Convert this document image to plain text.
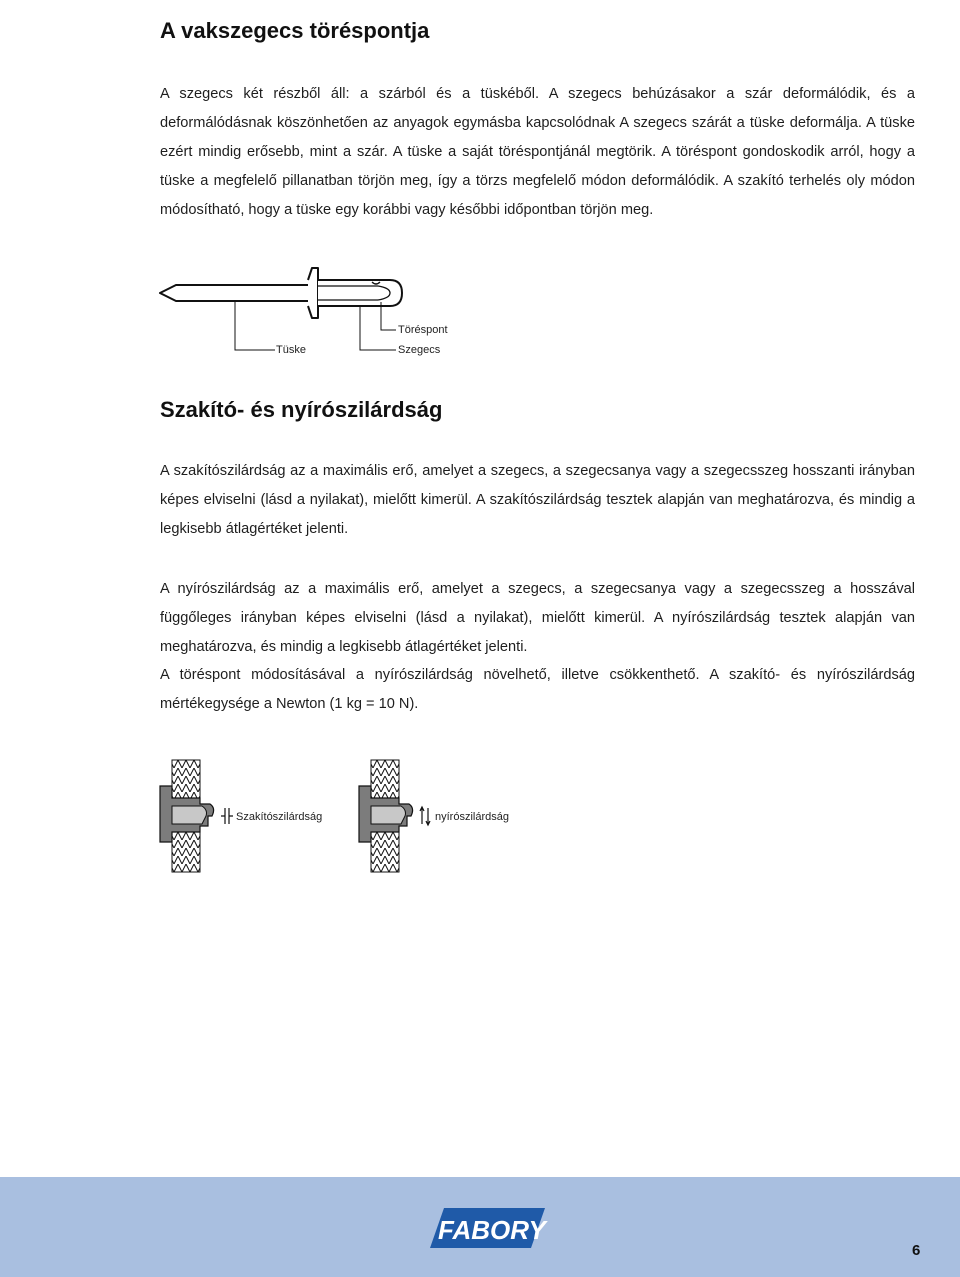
A vakszegecs töréspontja

A szegecs két részből áll: a szárból és a tüskéből. A szegecs behúzásakor a szár deformálódik, és a deformálódásnak köszönhetően az anyagok egymásba kapcsolódnak A szegecs szárát a tüske deformálja. A tüske ezért mindig erősebb, mint a szár. A tüske a saját töréspontjánál megtörik. A töréspont gondoskodik arról, hogy a tüske a megfelelő pillanatban törjön meg, így a törzs megfelelő módon deformálódik. A szakító terhelés oly módon módosítható, hogy a tüske egy korábbi vagy későbbi időpontban törjön meg.

Töréspont
Tüske	Szegecs
Szakító- és nyírószilárdság

A szakítószilárdság az a maximális erő, amelyet a szegecs, a szegecsanya vagy a szegecsszeg hosszanti irányban képes elviselni (lásd a nyilakat), mielőtt kimerül. A szakítószilárdság tesztek alapján van meghatározva, és mindig a legkisebb átlagértéket jelenti.

A nyírószilárdság az a maximális erő, amelyet a szegecs, a szegecsanya vagy a szegecsszeg a hosszával függőleges irányban képes elviselni (lásd a nyilakat), mielőtt kimerül. A nyírószilárdság tesztek alapján van meghatározva, és mindig a legkisebb átlagértéket jelenti.

A töréspont módosításával a nyírószilárdság növelhető, illetve csökkenthető. A szakító- és nyírószilárdság mértékegysége a Newton (1 kg = 10 N).

Szakítószilárdság	nyírószilárdság
FABORY
6
